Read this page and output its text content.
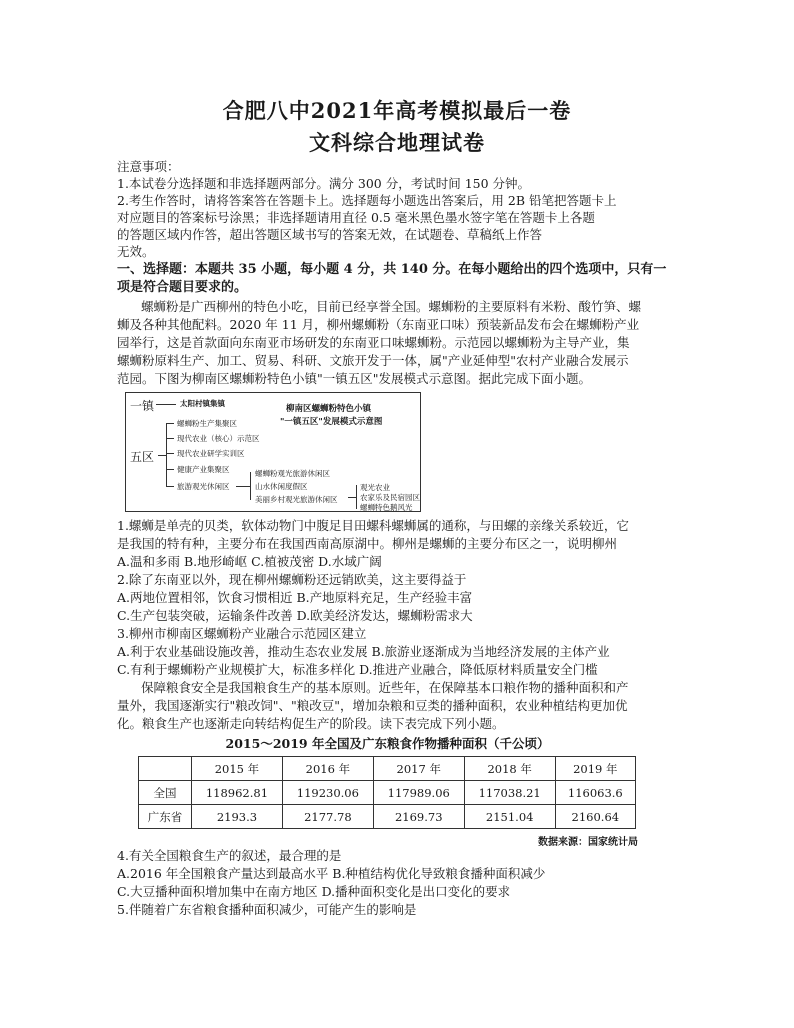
合肥八中2021年高考模拟最后一卷
文科综合地理试卷
注意事项：
1.本试卷分选择题和非选择题两部分。满分 300 分，考试时间 150 分钟。
2.考生作答时，请将答案答在答题卡上。选择题每小题选出答案后，用 2B 铅笔把答题卡上
对应题目的答案标号涂黑；非选择题请用直径 0.5 毫米黑色墨水签字笔在答题卡上各题
的答题区域内作答，超出答题区域书写的答案无效，在试题卷、草稿纸上作答
无效。
一、选择题：本题共 35 小题，每小题 4 分，共 140 分。在每小题给出的四个选项中，只有一
项是符合题目要求的。
螺蛳粉是广西柳州的特色小吃，目前已经享誉全国。螺蛳粉的主要原料有米粉、酸竹笋、螺
蛳及各种其他配料。2020 年 11 月，柳州螺蛳粉（东南亚口味）预装新品发布会在螺蛳粉产业
园举行，这是首款面向东南亚市场研发的东南亚口味螺蛳粉。示范园以螺蛳粉为主导产业，集
螺蛳粉原料生产、加工、贸易、科研、文旅开发于一体，属"产业延伸型"农村产业融合发展示
范园。下图为柳南区螺蛳粉特色小镇"一镇五区"发展模式示意图。据此完成下面小题。
一镇	太阳村镇集镇
柳南区螺蛳粉特色小镇
"一镇五区"发展模式示意图
五区
螺蛳粉生产集聚区
现代农业（核心）示范区
现代农业研学实训区
健康产业集聚区
旅游观光休闲区
螺蛳粉观光旅游休闲区
山水休闲度假区
美丽乡村观光旅游休闲区
观光农业
农家乐及民宿园区
螺蛳特色鹅风光
1.螺蛳是单壳的贝类，软体动物门中腹足目田螺科螺蛳属的通称，与田螺的亲缘关系较近，它
是我国的特有种，主要分布在我国西南高原湖中。柳州是螺蛳的主要分布区之一，说明柳州
A.温和多雨 B.地形崎岖 C.植被茂密 D.水域广阔
2.除了东南亚以外，现在柳州螺蛳粉还远销欧美，这主要得益于
A.两地位置相邻，饮食习惯相近 B.产地原料充足，生产经验丰富
C.生产包装突破，运输条件改善 D.欧美经济发达，螺蛳粉需求大
3.柳州市柳南区螺蛳粉产业融合示范园区建立
A.利于农业基础设施改善，推动生态农业发展 B.旅游业逐渐成为当地经济发展的主体产业
C.有利于螺蛳粉产业规模扩大，标准多样化 D.推进产业融合，降低原材料质量安全门槛
保障粮食安全是我国粮食生产的基本原则。近些年，在保障基本口粮作物的播种面积和产
量外，我国逐渐实行"粮改饲"、"粮改豆"，增加杂粮和豆类的播种面积，农业种植结构更加优
化。粮食生产也逐渐走向转结构促生产的阶段。读下表完成下列小题。
2015～2019 年全国及广东粮食作物播种面积（千公顷）
	2015 年	2016 年	2017 年	2018 年	2019 年
全国	118962.81	119230.06	117989.06	117038.21	116063.6
广东省	2193.3	2177.78	2169.73	2151.04	2160.64
数据来源：国家统计局
4.有关全国粮食生产的叙述，最合理的是
A.2016 年全国粮食产量达到最高水平 B.种植结构优化导致粮食播种面积减少
C.大豆播种面积增加集中在南方地区 D.播种面积变化是出口变化的要求
5.伴随着广东省粮食播种面积减少，可能产生的影响是
